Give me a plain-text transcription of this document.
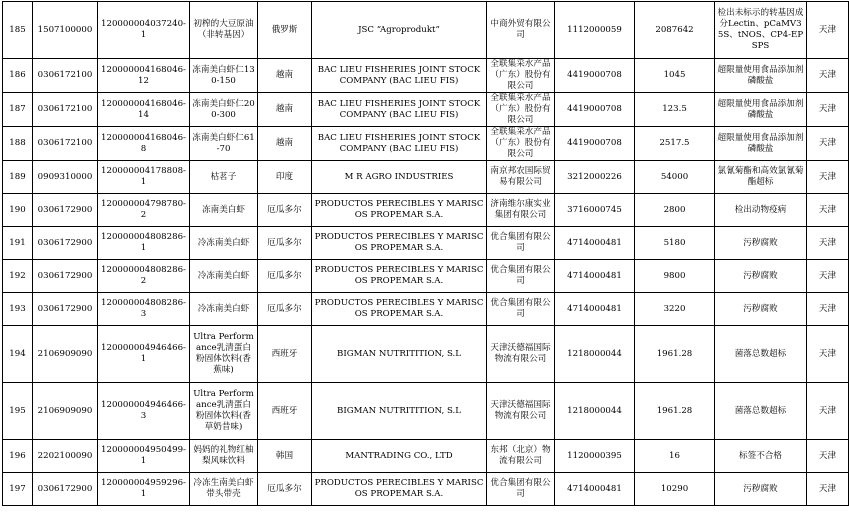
185	1507100000	120000004037240-1	初榨的大豆原油（非转基因）	俄罗斯	JSC “Agroprodukt”	中商外贸有限公司	1112000059	2087642	检出未标示的转基因成分Lectin、pCaMV35S、tNOS、CP4-EPSPS	天津
186	0306172100	120000004168046-12	冻南美白虾仁130-150	越南	BAC LIEU FISHERIES JOINT STOCK COMPANY (BAC LIEU FIS)	全联集采水产品（广东）股份有限公司	4419000708	1045	超限量使用食品添加剂磷酸盐	天津
187	0306172100	120000004168046-14	冻南美白虾仁200-300	越南	BAC LIEU FISHERIES JOINT STOCK COMPANY (BAC LIEU FIS)	全联集采水产品（广东）股份有限公司	4419000708	123.5	超限量使用食品添加剂磷酸盐	天津
188	0306172100	120000004168046-8	冻南美白虾仁61-70	越南	BAC LIEU FISHERIES JOINT STOCK COMPANY (BAC LIEU FIS)	全联集采水产品（广东）股份有限公司	4419000708	2517.5	超限量使用食品添加剂磷酸盐	天津
189	0909310000	120000004178808-1	枯茗子	印度	M R AGRO INDUSTRIES	南京邦农国际贸易有限公司	3212000226	54000	氯氰菊酯和高效氯氰菊酯超标	天津
190	0306172900	120000004798780-2	冻南美白虾	厄瓜多尔	PRODUCTOS PERECIBLES Y MARISCOS PROPEMAR S.A.	济南维尔康实业集团有限公司	3716000745	2800	检出动物疫病	天津
191	0306172900	120000004808286-1	冷冻南美白虾	厄瓜多尔	PRODUCTOS PERECIBLES Y MARISCOS PROPEMAR S.A.	优合集团有限公司	4714000481	5180	污秽腐败	天津
192	0306172900	120000004808286-2	冷冻南美白虾	厄瓜多尔	PRODUCTOS PERECIBLES Y MARISCOS PROPEMAR S.A.	优合集团有限公司	4714000481	9800	污秽腐败	天津
193	0306172900	120000004808286-3	冷冻南美白虾	厄瓜多尔	PRODUCTOS PERECIBLES Y MARISCOS PROPEMAR S.A.	优合集团有限公司	4714000481	3220	污秽腐败	天津
194	2106909090	120000004946466-1	Ultra Performance乳清蛋白粉固体饮料(香蕉味)	西班牙	BIGMAN NUTRITITION, S.L	天津沃德福国际物流有限公司	1218000044	1961.28	菌落总数超标	天津
195	2106909090	120000004946466-3	Ultra Performance乳清蛋白粉固体饮料(香草奶昔味)	西班牙	BIGMAN NUTRITITION, S.L	天津沃德福国际物流有限公司	1218000044	1961.28	菌落总数超标	天津
196	2202100090	120000004950499-1	妈妈的礼物红柚梨风味饮料	韩国	MANTRADING CO., LTD	东邦（北京）物流有限公司	1120000395	16	标签不合格	天津
197	0306172900	120000004959296-1	冷冻生南美白虾带头带壳	厄瓜多尔	PRODUCTOS PERECIBLES Y MARISCOS PROPEMAR S.A.	优合集团有限公司	4714000481	10290	污秽腐败	天津
